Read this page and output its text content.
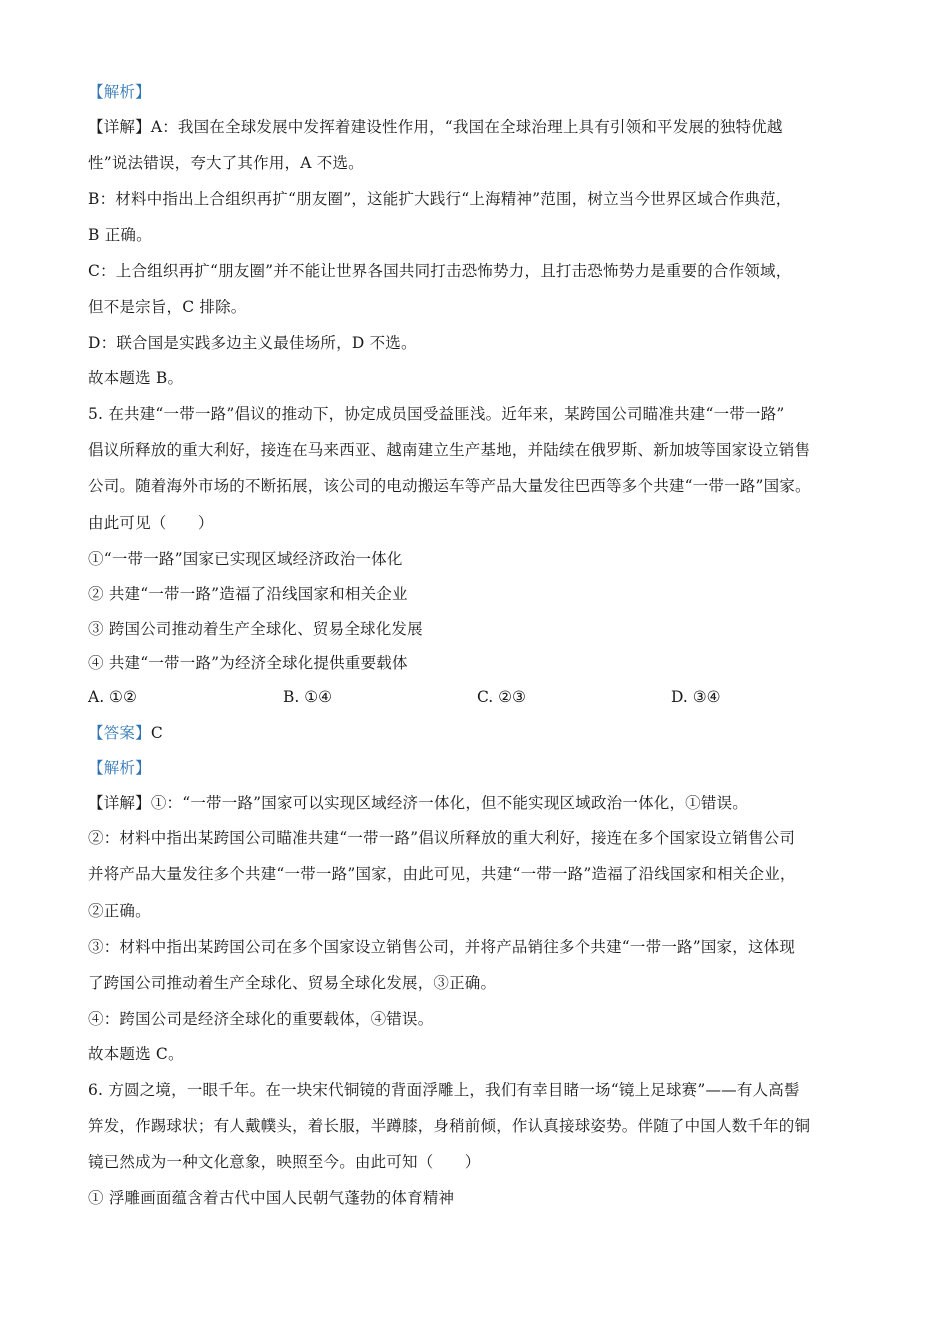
【解析】
【详解】A：我国在全球发展中发挥着建设性作用，“我国在全球治理上具有引领和平发展的独特优越
性”说法错误，夸大了其作用，A 不选。
B：材料中指出上合组织再扩“朋友圈”，这能扩大践行“上海精神”范围，树立当今世界区域合作典范，
B 正确。
C：上合组织再扩“朋友圈”并不能让世界各国共同打击恐怖势力，且打击恐怖势力是重要的合作领域，
但不是宗旨，C 排除。
D：联合国是实践多边主义最佳场所，D 不选。
故本题选 B。
5. 在共建“一带一路”倡议的推动下，协定成员国受益匪浅。近年来，某跨国公司瞄准共建“一带一路”
倡议所释放的重大利好，接连在马来西亚、越南建立生产基地，并陆续在俄罗斯、新加坡等国家设立销售
公司。随着海外市场的不断拓展，该公司的电动搬运车等产品大量发往巴西等多个共建“一带一路”国家。
由此可见（　　）
①“一带一路”国家已实现区域经济政治一体化
② 共建“一带一路”造福了沿线国家和相关企业
③ 跨国公司推动着生产全球化、贸易全球化发展
④ 共建“一带一路”为经济全球化提供重要载体
A. ①②	B. ①④	C. ②③	D. ③④
【答案】C
【解析】
【详解】①：“一带一路”国家可以实现区域经济一体化，但不能实现区域政治一体化，①错误。
②：材料中指出某跨国公司瞄准共建“一带一路”倡议所释放的重大利好，接连在多个国家设立销售公司
并将产品大量发往多个共建“一带一路”国家，由此可见，共建“一带一路”造福了沿线国家和相关企业，
②正确。
③：材料中指出某跨国公司在多个国家设立销售公司，并将产品销往多个共建“一带一路”国家，这体现
了跨国公司推动着生产全球化、贸易全球化发展，③正确。
④：跨国公司是经济全球化的重要载体，④错误。
故本题选 C。
6. 方圆之境，一眼千年。在一块宋代铜镜的背面浮雕上，我们有幸目睹一场“镜上足球赛”——有人高髻
笄发，作踢球状；有人戴幞头，着长服，半蹲膝，身稍前倾，作认真接球姿势。伴随了中国人数千年的铜
镜已然成为一种文化意象，映照至今。由此可知（　　）
① 浮雕画面蕴含着古代中国人民朝气蓬勃的体育精神
